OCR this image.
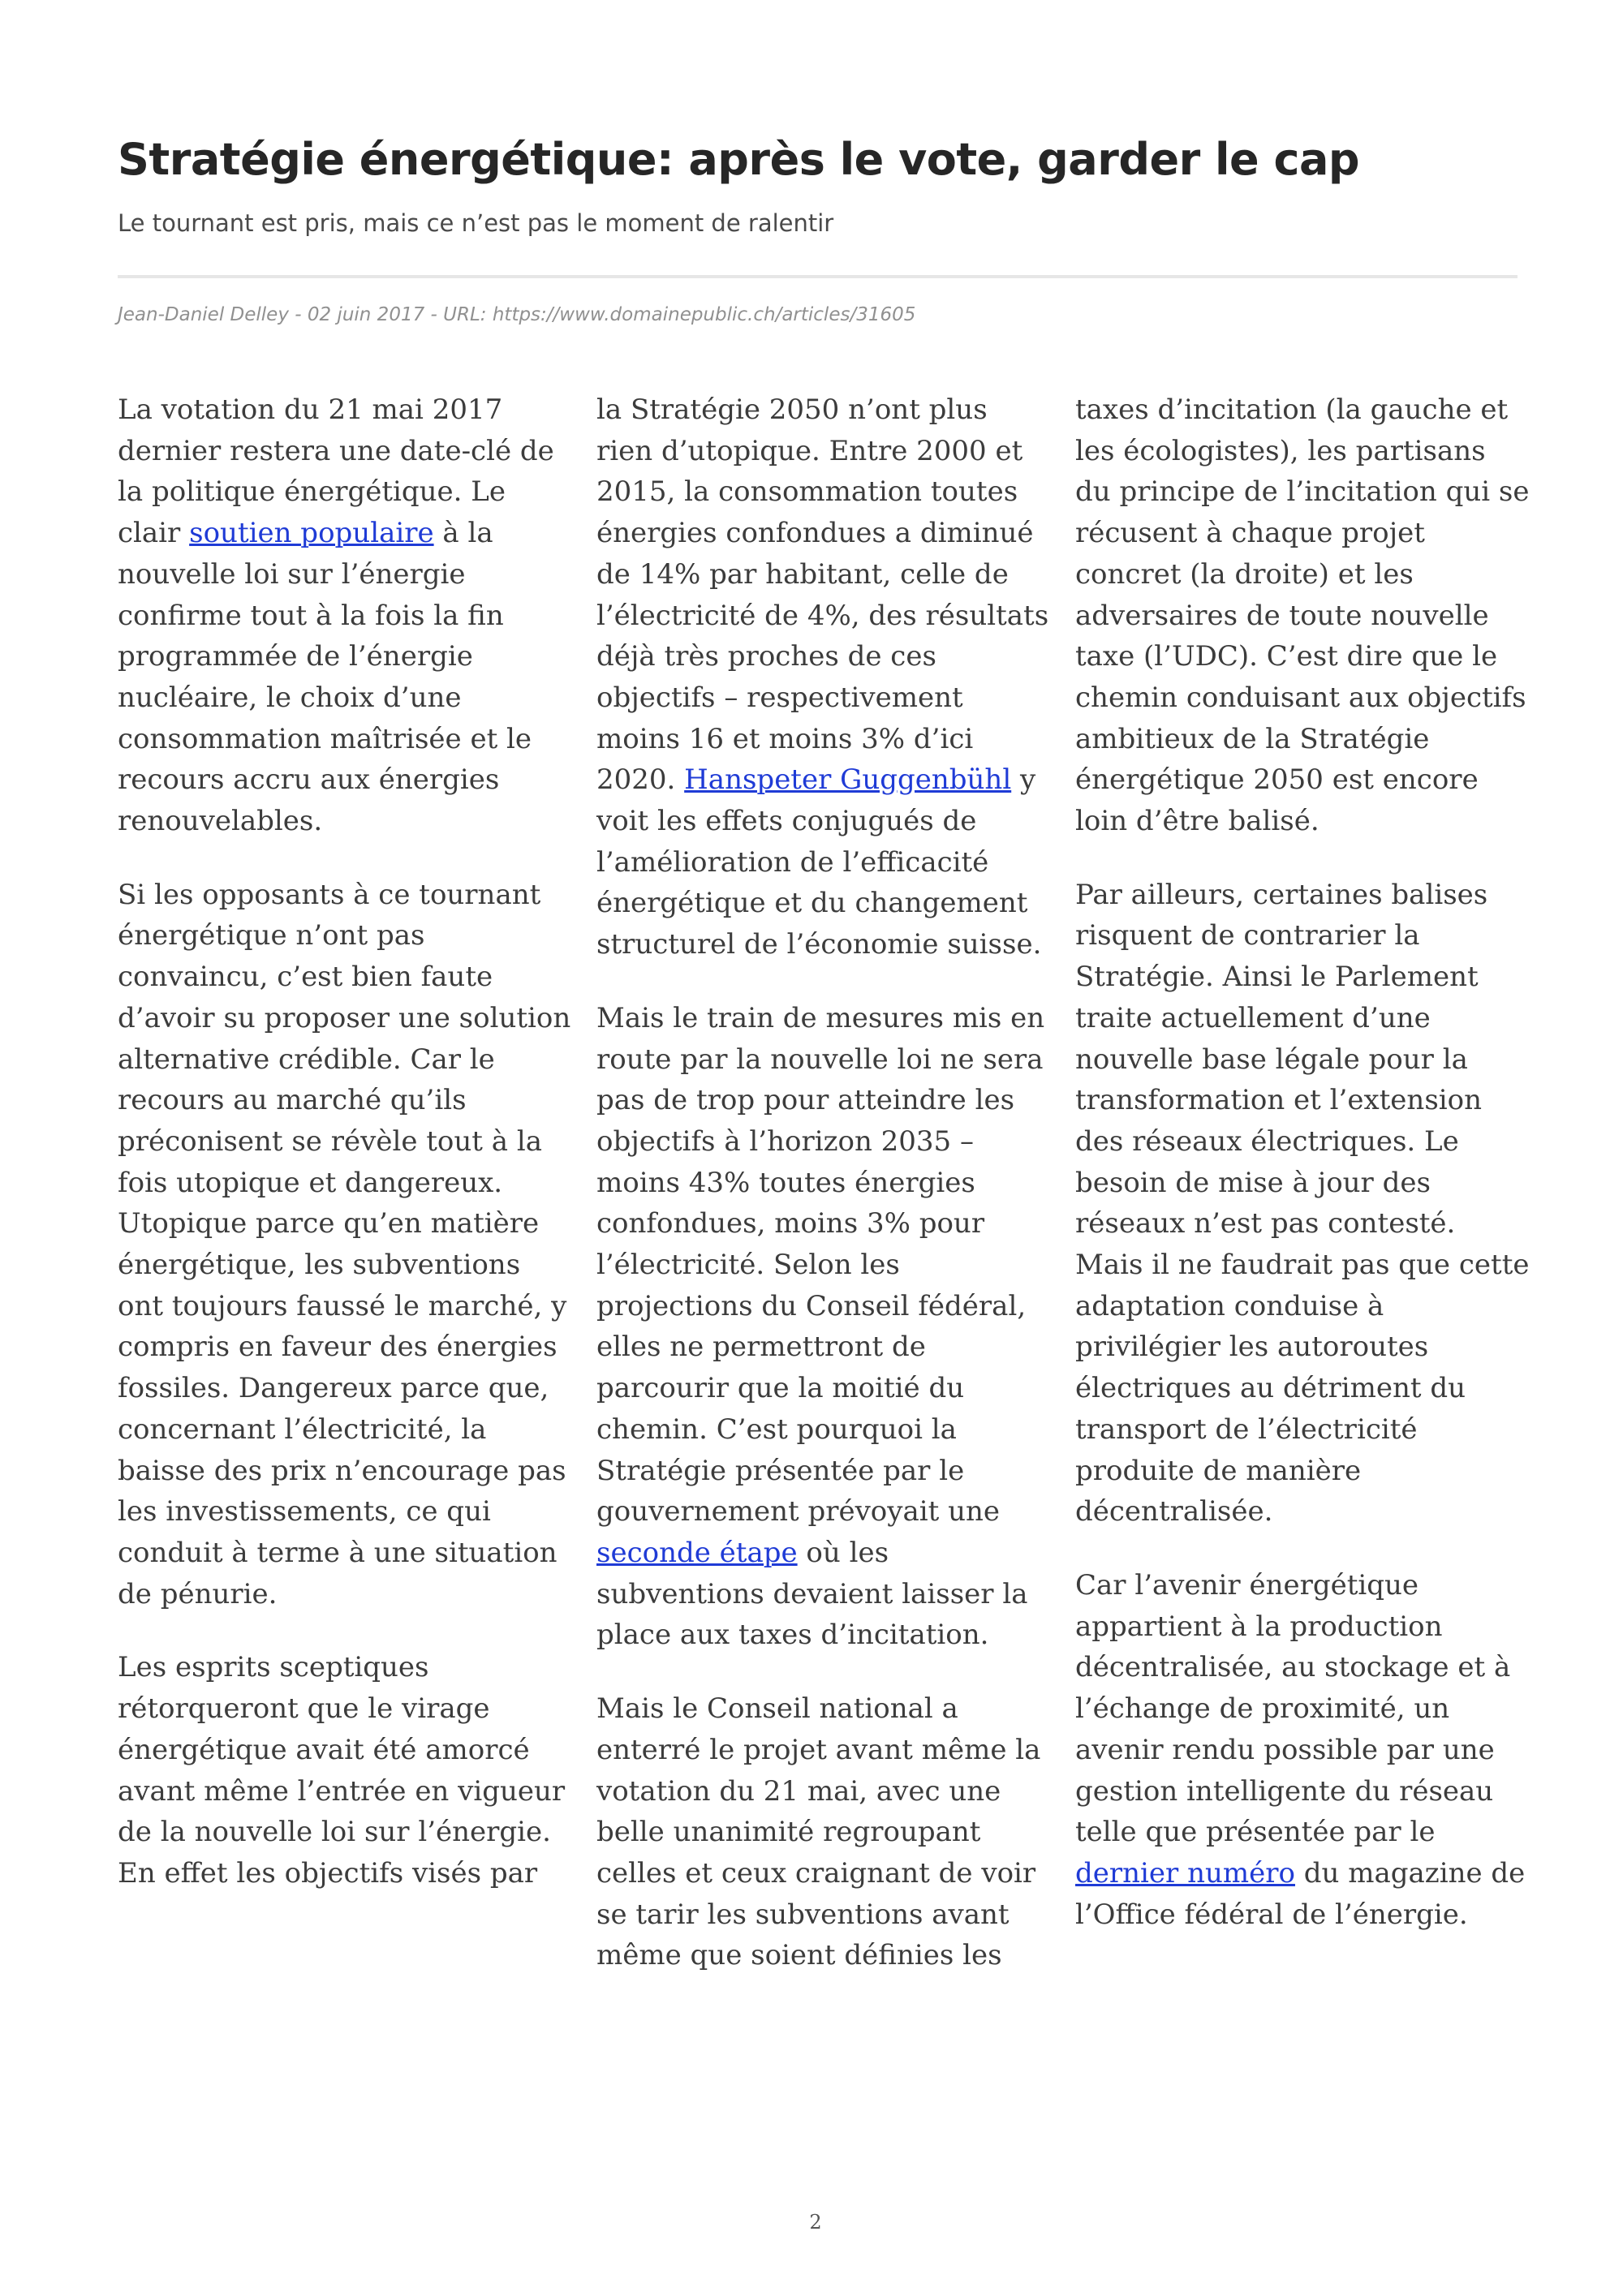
Stratégie énergétique: après le vote, garder le cap

Le tournant est pris, mais ce n’est pas le moment de ralentir

Jean-Daniel Delley - 02 juin 2017 - URL: https://www.domainepublic.ch/articles/31605

La votation du 21 mai 2017 dernier restera une date-clé de la politique énergétique. Le clair soutien populaire à la nouvelle loi sur l’énergie confirme tout à la fois la fin programmée de l’énergie nucléaire, le choix d’une consommation maîtrisée et le recours accru aux énergies renouvelables.

Si les opposants à ce tournant énergétique n’ont pas convaincu, c’est bien faute d’avoir su proposer une solution alternative crédible. Car le recours au marché qu’ils préconisent se révèle tout à la fois utopique et dangereux. Utopique parce qu’en matière énergétique, les subventions ont toujours faussé le marché, y compris en faveur des énergies fossiles. Dangereux parce que, concernant l’électricité, la baisse des prix n’encourage pas les investissements, ce qui conduit à terme à une situation de pénurie.

Les esprits sceptiques rétorqueront que le virage énergétique avait été amorcé avant même l’entrée en vigueur de la nouvelle loi sur l’énergie. En effet les objectifs visés par

la Stratégie 2050 n’ont plus rien d’utopique. Entre 2000 et 2015, la consommation toutes énergies confondues a diminué de 14% par habitant, celle de l’électricité de 4%, des résultats déjà très proches de ces objectifs – respectivement moins 16 et moins 3% d’ici 2020. Hanspeter Guggenbühl y voit les effets conjugués de l’amélioration de l’efficacité énergétique et du changement structurel de l’économie suisse.

Mais le train de mesures mis en route par la nouvelle loi ne sera pas de trop pour atteindre les objectifs à l’horizon 2035 – moins 43% toutes énergies confondues, moins 3% pour l’électricité. Selon les projections du Conseil fédéral, elles ne permettront de parcourir que la moitié du chemin. C’est pourquoi la Stratégie présentée par le gouvernement prévoyait une seconde étape où les subventions devaient laisser la place aux taxes d’incitation.

Mais le Conseil national a enterré le projet avant même la votation du 21 mai, avec une belle unanimité regroupant celles et ceux craignant de voir se tarir les subventions avant même que soient définies les

taxes d’incitation (la gauche et les écologistes), les partisans du principe de l’incitation qui se récusent à chaque projet concret (la droite) et les adversaires de toute nouvelle taxe (l’UDC). C’est dire que le chemin conduisant aux objectifs ambitieux de la Stratégie énergétique 2050 est encore loin d’être balisé.

Par ailleurs, certaines balises risquent de contrarier la Stratégie. Ainsi le Parlement traite actuellement d’une nouvelle base légale pour la transformation et l’extension des réseaux électriques. Le besoin de mise à jour des réseaux n’est pas contesté. Mais il ne faudrait pas que cette adaptation conduise à privilégier les autoroutes électriques au détriment du transport de l’électricité produite de manière décentralisée.

Car l’avenir énergétique appartient à la production décentralisée, au stockage et à l’échange de proximité, un avenir rendu possible par une gestion intelligente du réseau telle que présentée par le dernier numéro du magazine de l’Office fédéral de l’énergie.

2
